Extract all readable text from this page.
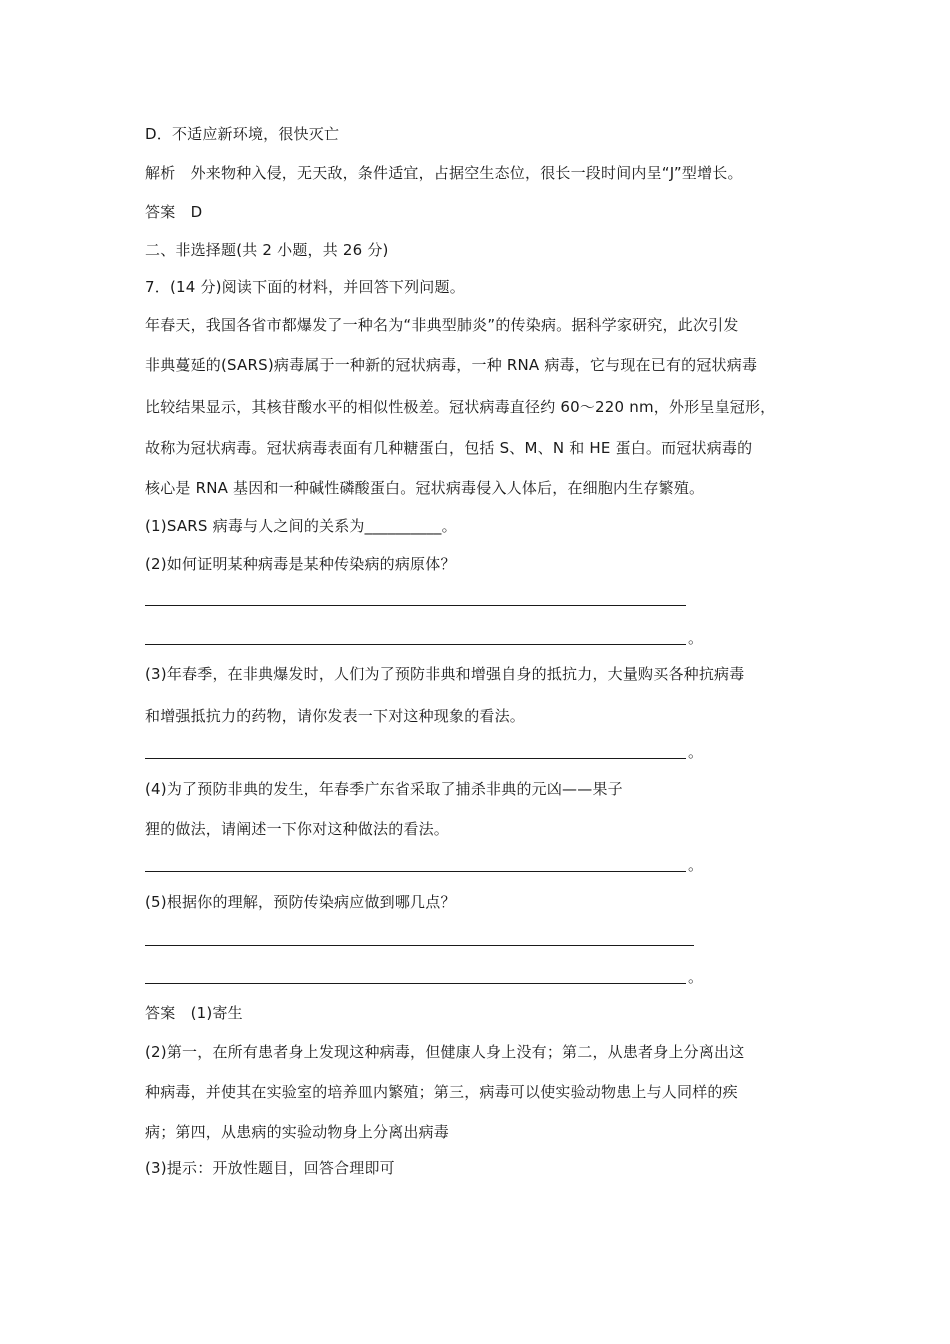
D．不适应新环境，很快灭亡
解析　外来物种入侵，无天敌，条件适宜，占据空生态位，很长一段时间内呈“J”型增长。
答案　D
二、非选择题(共 2 小题，共 26 分)
7．(14 分)阅读下面的材料，并回答下列问题。
年春天，我国各省市都爆发了一种名为“非典型肺炎”的传染病。据科学家研究，此次引发
非典蔓延的(SARS)病毒属于一种新的冠状病毒，一种 RNA 病毒，它与现在已有的冠状病毒
比较结果显示，其核苷酸水平的相似性极差。冠状病毒直径约 60～220 nm，外形呈皇冠形，
故称为冠状病毒。冠状病毒表面有几种糖蛋白，包括 S、M、N 和 HE 蛋白。而冠状病毒的
核心是 RNA 基因和一种碱性磷酸蛋白。冠状病毒侵入人体后，在细胞内生存繁殖。
(1)SARS 病毒与人之间的关系为__________。
(2)如何证明某种病毒是某种传染病的病原体？
。
(3)年春季，在非典爆发时，人们为了预防非典和增强自身的抵抗力，大量购买各种抗病毒
和增强抵抗力的药物，请你发表一下对这种现象的看法。
。
(4)为了预防非典的发生，年春季广东省采取了捕杀非典的元凶——果子
狸的做法，请阐述一下你对这种做法的看法。
。
(5)根据你的理解，预防传染病应做到哪几点？
。
答案　(1)寄生
(2)第一，在所有患者身上发现这种病毒，但健康人身上没有；第二，从患者身上分离出这
种病毒，并使其在实验室的培养皿内繁殖；第三，病毒可以使实验动物患上与人同样的疾
病；第四，从患病的实验动物身上分离出病毒
(3)提示：开放性题目，回答合理即可
